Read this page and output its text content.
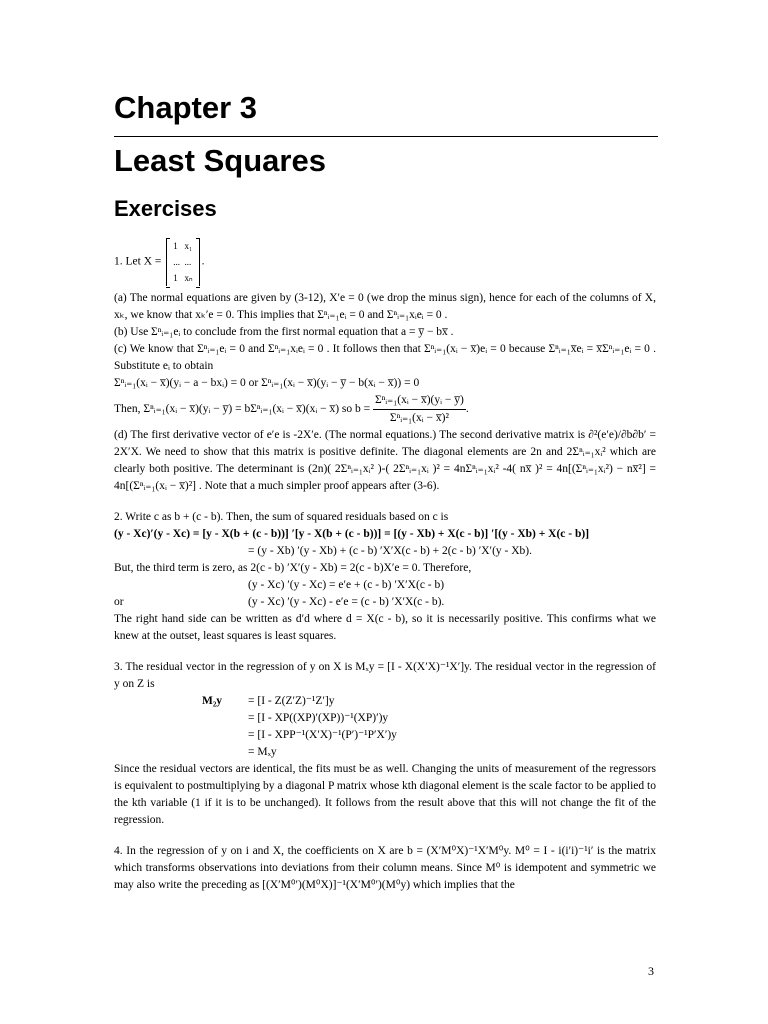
Chapter 3
Least Squares
Exercises

1. Let X =
1   x₁
...  ...
1   xₙ
.

(a) The normal equations are given by (3-12), X′e = 0 (we drop the minus sign), hence for each of the columns of X, xₖ, we know that xₖ′e = 0. This implies that Σⁿᵢ₌₁eᵢ = 0 and Σⁿᵢ₌₁xᵢeᵢ = 0 .

(b) Use Σⁿᵢ₌₁eᵢ to conclude from the first normal equation that a = y̅ − bx̅ .

(c) We know that Σⁿᵢ₌₁eᵢ = 0 and Σⁿᵢ₌₁xᵢeᵢ = 0 . It follows then that Σⁿᵢ₌₁(xᵢ − x̅)eᵢ = 0 because Σⁿᵢ₌₁x̅eᵢ = x̅Σⁿᵢ₌₁eᵢ = 0 . Substitute eᵢ to obtain

Σⁿᵢ₌₁(xᵢ − x̅)(yᵢ − a − bxᵢ) = 0 or Σⁿᵢ₌₁(xᵢ − x̅)(yᵢ − y̅ − b(xᵢ − x̅)) = 0

Then, Σⁿᵢ₌₁(xᵢ − x̅)(yᵢ − y̅) = bΣⁿᵢ₌₁(xᵢ − x̅)(xᵢ − x̅) so $b = \frac{\text{Σⁿᵢ₌₁(xᵢ − x̅)(yᵢ − y̅)}}{\text{Σⁿᵢ₌₁(xᵢ − x̅)²}}$ .

(d) The first derivative vector of e′e is -2X′e. (The normal equations.) The second derivative matrix is ∂²(e′e)/∂b∂b′ = 2X′X. We need to show that this matrix is positive definite. The diagonal elements are 2n and 2Σⁿᵢ₌₁xᵢ² which are clearly both positive. The determinant is (2n)( 2Σⁿᵢ₌₁xᵢ² )-( 2Σⁿᵢ₌₁xᵢ )² = 4nΣⁿᵢ₌₁xᵢ² -4( nx̅ )² = 4n[(Σⁿᵢ₌₁xᵢ²) − nx̅²] = 4n[(Σⁿᵢ₌₁(xᵢ − x̅)²] . Note that a much simpler proof appears after (3-6).

2. Write c as b + (c - b). Then, the sum of squared residuals based on c is

(y - Xc)′(y - Xc) = [y - X(b + (c - b))] ′[y - X(b + (c - b))] = [(y - Xb) + X(c - b)] ′[(y - Xb) + X(c - b)]

= (y - Xb) ′(y - Xb) + (c - b) ′X′X(c - b) + 2(c - b) ′X′(y - Xb).

But, the third term is zero, as 2(c - b) ′X′(y - Xb) = 2(c - b)X′e = 0. Therefore,

(y - Xc) ′(y - Xc) = e′e + (c - b) ′X′X(c - b)

or	(y - Xc) ′(y - Xc) - e′e = (c - b) ′X′X(c - b).

The right hand side can be written as d′d where d = X(c - b), so it is necessarily positive. This confirms what we knew at the outset, least squares is least squares.

3. The residual vector in the regression of y on X is Mₓy = [I - X(X′X)⁻¹X′]y. The residual vector in the regression of y on Z is

M₂y = [I - Z(Z′Z)⁻¹Z′]y

= [I - XP((XP)′(XP))⁻¹(XP)′)y

= [I - XPP⁻¹(X′X)⁻¹(P′)⁻¹P′X′)y

= Mₓy

Since the residual vectors are identical, the fits must be as well. Changing the units of measurement of the regressors is equivalent to postmultiplying by a diagonal P matrix whose kth diagonal element is the scale factor to be applied to the kth variable (1 if it is to be unchanged). It follows from the result above that this will not change the fit of the regression.

4. In the regression of y on i and X, the coefficients on X are b = (X′M⁰X)⁻¹X′M⁰y. M⁰ = I - i(i′i)⁻¹i′ is the matrix which transforms observations into deviations from their column means. Since M⁰ is idempotent and symmetric we may also write the preceding as [(X′M⁰′)(M⁰X)]⁻¹(X′M⁰′)(M⁰y) which implies that the

3
